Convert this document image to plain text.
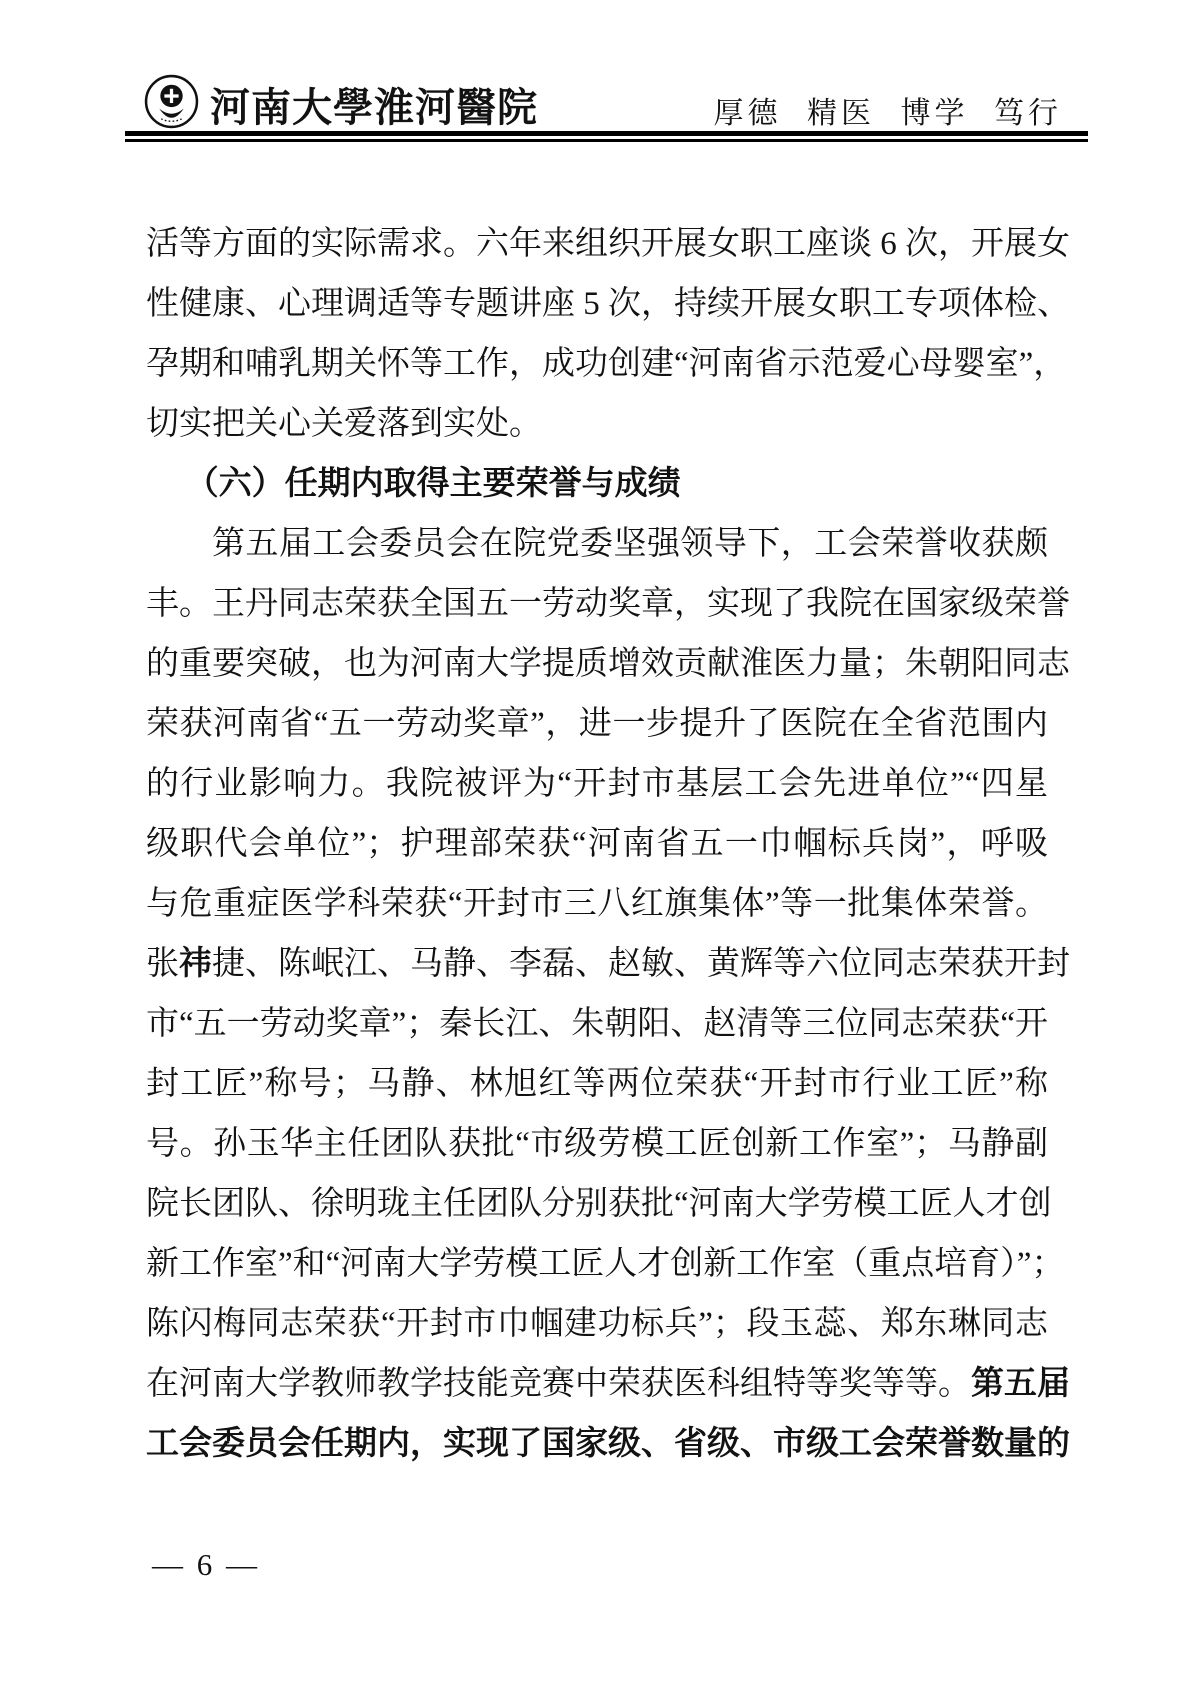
河南大學淮河醫院	厚德 精医 博学 笃行
活等方面的实际需求。六年来组织开展女职工座谈 6 次，开展女
性健康、心理调适等专题讲座 5 次，持续开展女职工专项体检、
孕期和哺乳期关怀等工作，成功创建“河南省示范爱心母婴室”，
切实把关心关爱落到实处。
（六）任期内取得主要荣誉与成绩
第五届工会委员会在院党委坚强领导下，工会荣誉收获颇
丰。王丹同志荣获全国五一劳动奖章，实现了我院在国家级荣誉
的重要突破，也为河南大学提质增效贡献淮医力量；朱朝阳同志
荣获河南省“五一劳动奖章”，进一步提升了医院在全省范围内
的行业影响力。我院被评为“开封市基层工会先进单位”“四星
级职代会单位”；护理部荣获“河南省五一巾帼标兵岗”，呼吸
与危重症医学科荣获“开封市三八红旗集体”等一批集体荣誉。
张祎捷、陈岷江、马静、李磊、赵敏、黄辉等六位同志荣获开封
市“五一劳动奖章”；秦长江、朱朝阳、赵清等三位同志荣获“开
封工匠”称号；马静、林旭红等两位荣获“开封市行业工匠”称
号。孙玉华主任团队获批“市级劳模工匠创新工作室”；马静副
院长团队、徐明珑主任团队分别获批“河南大学劳模工匠人才创
新工作室”和“河南大学劳模工匠人才创新工作室（重点培育）”；
陈闪梅同志荣获“开封市巾帼建功标兵”；段玉蕊、郑东琳同志
在河南大学教师教学技能竞赛中荣获医科组特等奖等等。第五届
工会委员会任期内，实现了国家级、省级、市级工会荣誉数量的
— 6 —
